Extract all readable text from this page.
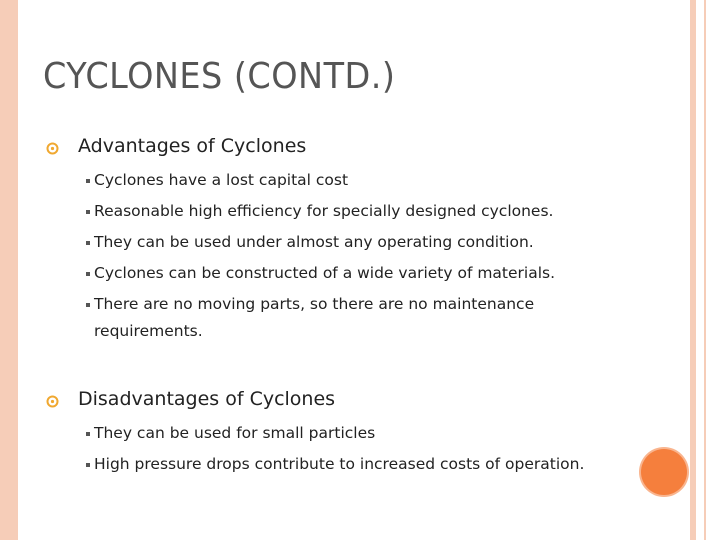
CYCLONES (CONTD.)
Advantages of Cyclones
Cyclones have a lost capital cost
Reasonable high efficiency for specially designed cyclones.
They can be used under almost any operating condition.
Cyclones can be constructed of a wide variety of materials.
There are no moving parts, so there are no maintenance requirements.
Disadvantages of Cyclones
They can be used for small particles
High pressure drops contribute to increased costs of operation.
